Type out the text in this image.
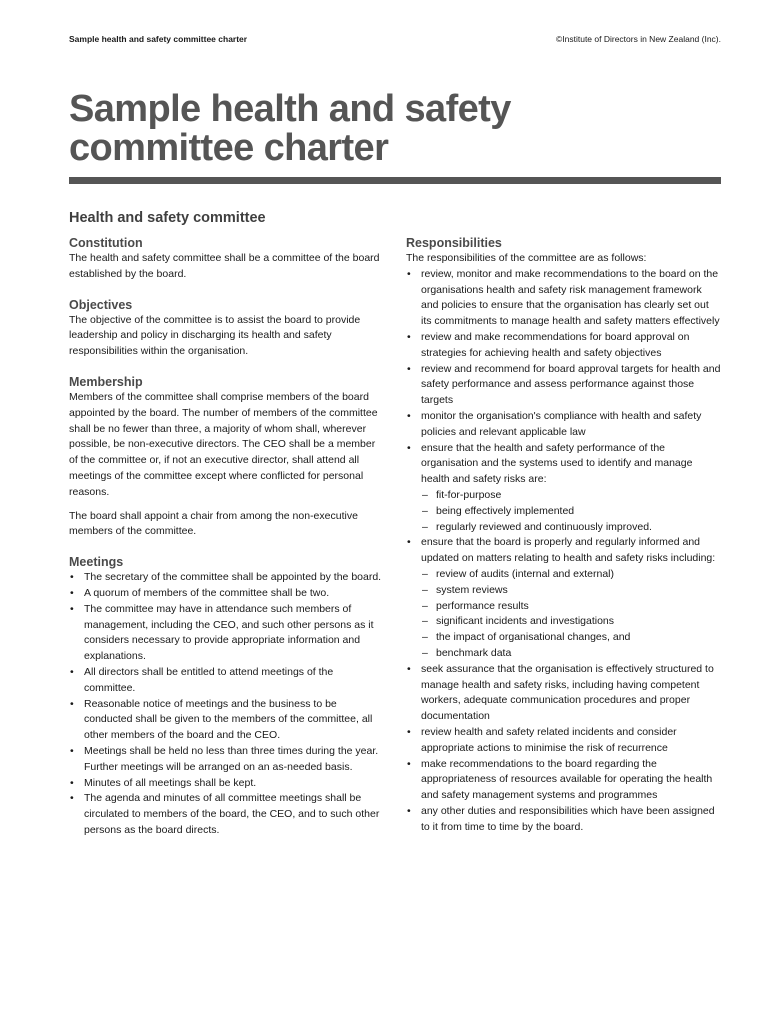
Sample health and safety committee charter	©Institute of Directors in New Zealand (Inc).
Sample health and safety
committee charter
Health and safety committee
Constitution

The health and safety committee shall be a committee of the board established by the board.

Objectives

The objective of the committee is to assist the board to provide leadership and policy in discharging its health and safety responsibilities within the organisation.

Membership

Members of the committee shall comprise members of the board appointed by the board. The number of members of the committee shall be no fewer than three, a majority of whom shall, wherever possible, be non-executive directors. The CEO shall be a member of the committee or, if not an executive director, shall attend all meetings of the committee except where conflicted for personal reasons.

The board shall appoint a chair from among the non-executive members of the committee.

Meetings
• The secretary of the committee shall be appointed by the board.
• A quorum of members of the committee shall be two.
• The committee may have in attendance such members of management, including the CEO, and such other persons as it considers necessary to provide appropriate information and explanations.
• All directors shall be entitled to attend meetings of the committee.
• Reasonable notice of meetings and the business to be conducted shall be given to the members of the committee, all other members of the board and the CEO.
• Meetings shall be held no less than three times during the year. Further meetings will be arranged on an as-needed basis.
• Minutes of all meetings shall be kept.
• The agenda and minutes of all committee meetings shall be circulated to members of the board, the CEO, and to such other persons as the board directs.
Responsibilities

The responsibilities of the committee are as follows:

• review, monitor and make recommendations to the board on the organisations health and safety risk management framework and policies to ensure that the organisation has clearly set out its commitments to manage health and safety matters effectively
• review and make recommendations for board approval on strategies for achieving health and safety objectives
• review and recommend for board approval targets for health and safety performance and assess performance against those targets
• monitor the organisation's compliance with health and safety policies and relevant applicable law
• ensure that the health and safety performance of the organisation and the systems used to identify and manage health and safety risks are:
– fit-for-purpose
– being effectively implemented
– regularly reviewed and continuously improved.
• ensure that the board is properly and regularly informed and updated on matters relating to health and safety risks including:
– review of audits (internal and external)
– system reviews
– performance results
– significant incidents and investigations
– the impact of organisational changes, and
– benchmark data
• seek assurance that the organisation is effectively structured to manage health and safety risks, including having competent workers, adequate communication procedures and proper documentation
• review health and safety related incidents and consider appropriate actions to minimise the risk of recurrence
• make recommendations to the board regarding the appropriateness of resources available for operating the health and safety management systems and programmes
• any other duties and responsibilities which have been assigned to it from time to time by the board.
